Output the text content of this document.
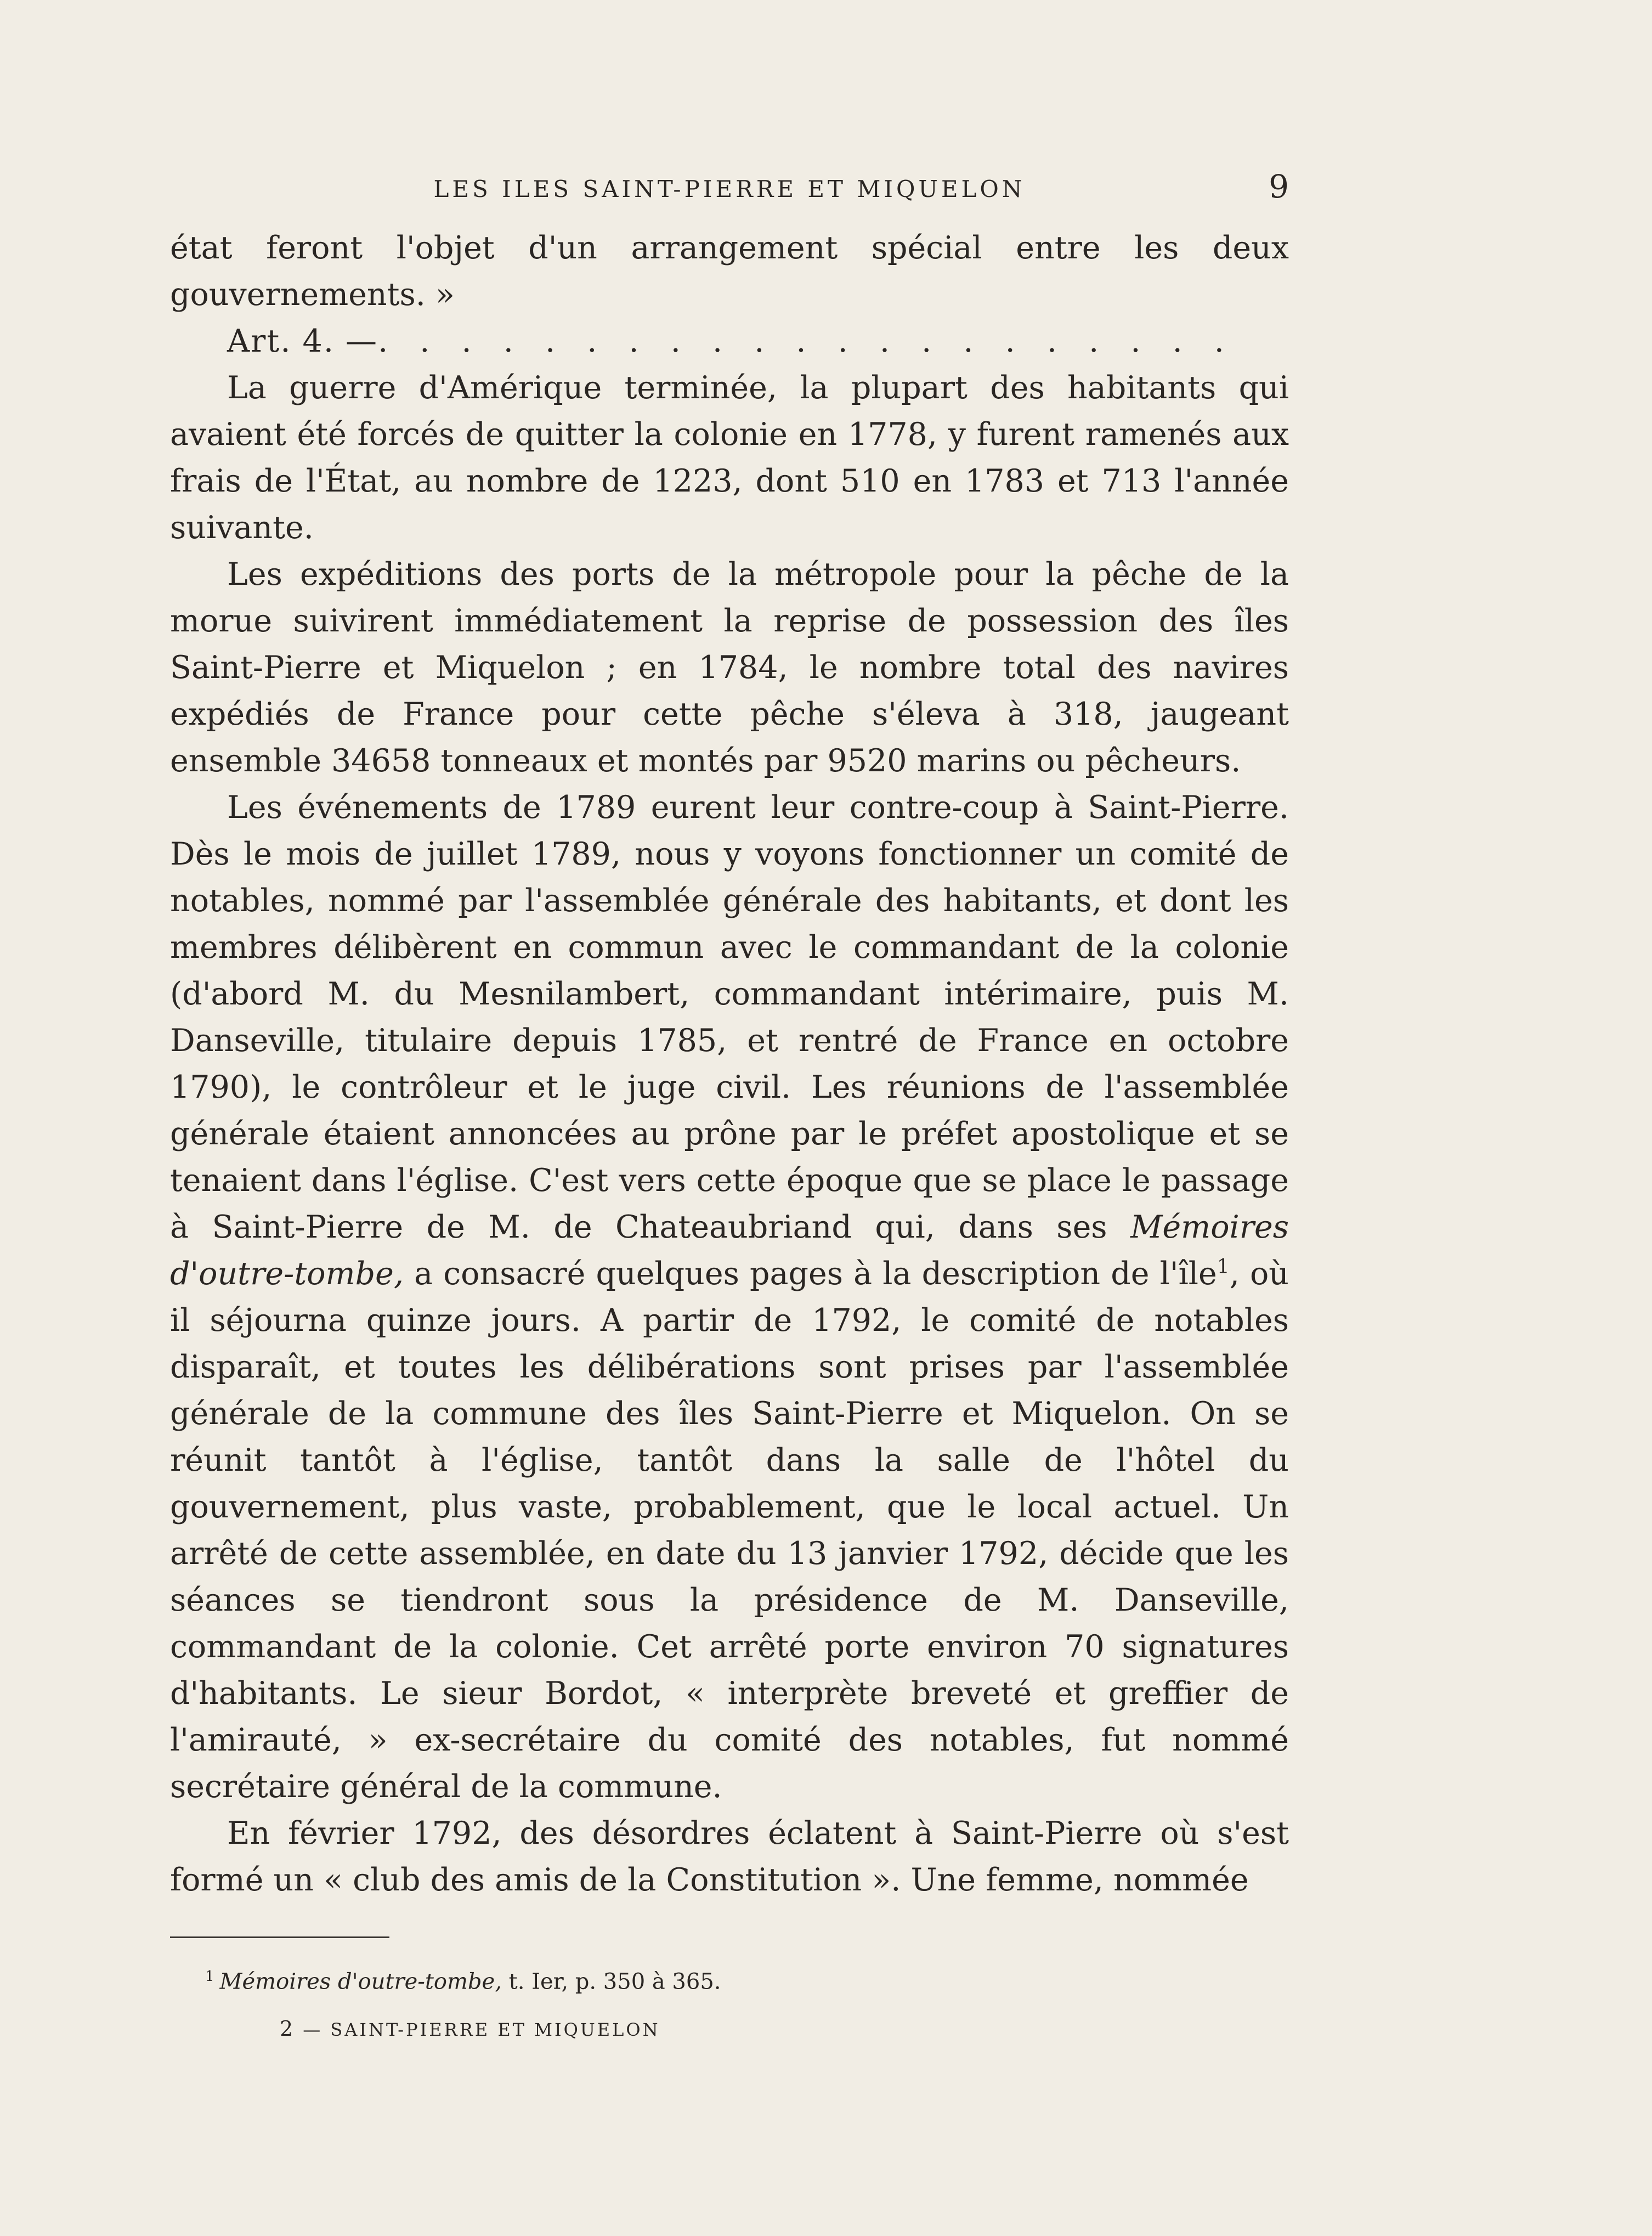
LES ILES SAINT-PIERRE ET MIQUELON	9

état feront l'objet d'un arrangement spécial entre les deux gouvernements. »

Art. 4. — . . . . . . . . . . . . . . . . . . . . .

La guerre d'Amérique terminée, la plupart des habitants qui avaient été forcés de quitter la colonie en 1778, y furent ramenés aux frais de l'État, au nombre de 1223, dont 510 en 1783 et 713 l'année suivante.

Les expéditions des ports de la métropole pour la pêche de la morue suivirent immédiatement la reprise de possession des îles Saint-Pierre et Miquelon ; en 1784, le nombre total des navires expédiés de France pour cette pêche s'éleva à 318, jaugeant ensemble 34658 tonneaux et montés par 9520 marins ou pêcheurs.

Les événements de 1789 eurent leur contre-coup à Saint-Pierre. Dès le mois de juillet 1789, nous y voyons fonctionner un comité de notables, nommé par l'assemblée générale des habitants, et dont les membres délibèrent en commun avec le commandant de la colonie (d'abord M. du Mesnilambert, commandant intérimaire, puis M. Danseville, titulaire depuis 1785, et rentré de France en octobre 1790), le contrôleur et le juge civil. Les réunions de l'assemblée générale étaient annoncées au prône par le préfet apostolique et se tenaient dans l'église. C'est vers cette époque que se place le passage à Saint-Pierre de M. de Chateaubriand qui, dans ses Mémoires d'outre-tombe, a consacré quelques pages à la description de l'île$^1$, où il séjourna quinze jours. A partir de 1792, le comité de notables disparaît, et toutes les délibérations sont prises par l'assemblée générale de la commune des îles Saint-Pierre et Miquelon. On se réunit tantôt à l'église, tantôt dans la salle de l'hôtel du gouvernement, plus vaste, probablement, que le local actuel. Un arrêté de cette assemblée, en date du 13 janvier 1792, décide que les séances se tiendront sous la présidence de M. Danseville, commandant de la colonie. Cet arrêté porte environ 70 signatures d'habitants. Le sieur Bordot, « interprète breveté et greffier de l'amirauté, » ex-secrétaire du comité des notables, fut nommé secrétaire général de la commune.

En février 1792, des désordres éclatent à Saint-Pierre où s'est formé un « club des amis de la Constitution ». Une femme, nommée

$^1$ Mémoires d'outre-tombe, t. Ier, p. 350 à 365.
2 — SAINT-PIERRE ET MIQUELON
